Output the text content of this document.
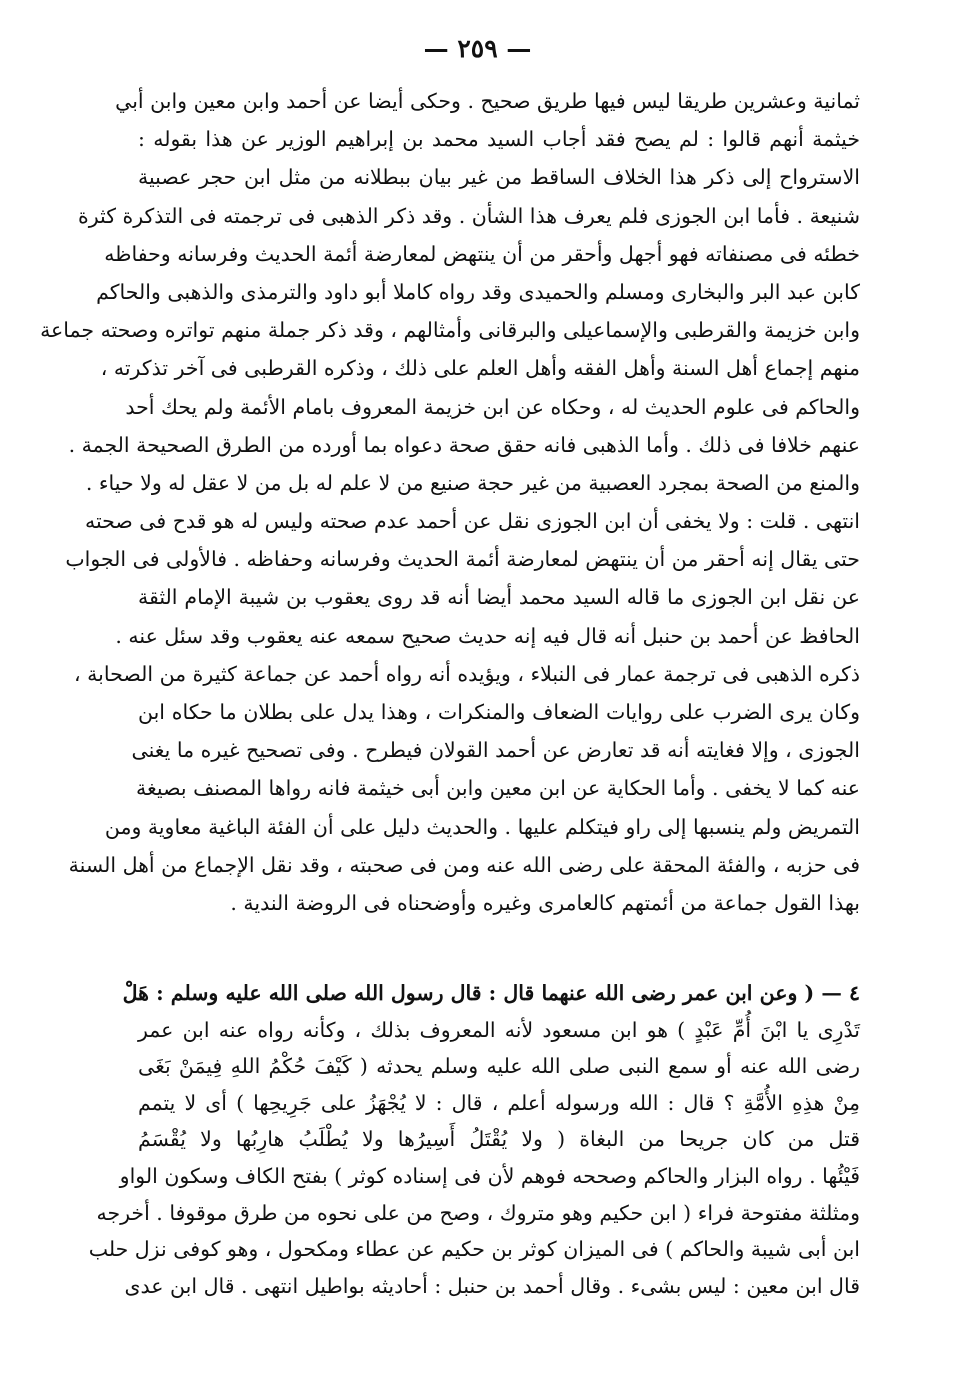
— ٢٥٩ —
ثمانية وعشرين طريقا ليس فيها طريق صحيح . وحكى أيضا عن أحمد وابن معين وابن أبي
خيثمة أنهم قالوا : لم يصح فقد أجاب السيد محمد بن إبراهيم الوزير عن هذا بقوله :
الاسترواح إلى ذكر هذا الخلاف الساقط من غير بيان ببطلانه من مثل ابن حجر عصبية
شنيعة . فأما ابن الجوزى فلم يعرف هذا الشأن . وقد ذكر الذهبى فى ترجمته فى التذكرة كثرة
خطئه فى مصنفاته فهو أجهل وأحقر من أن ينتهض لمعارضة أئمة الحديث وفرسانه وحفاظه
كابن عبد البر والبخارى ومسلم والحميدى وقد رواه كاملا أبو داود والترمذى والذهبى والحاكم
وابن خزيمة والقرطبى والإسماعيلى والبرقانى وأمثالهم ، وقد ذكر جملة منهم تواتره وصحته جماعة
منهم إجماع أهل السنة وأهل الفقه وأهل العلم على ذلك ، وذكره القرطبى فى آخر تذكرته ،
والحاكم فى علوم الحديث له ، وحكاه عن ابن خزيمة المعروف بامام الأئمة ولم يحك أحد
عنهم خلافا فى ذلك . وأما الذهبى فانه حقق صحة دعواه بما أورده من الطرق الصحيحة الجمة .
والمنع من الصحة بمجرد العصبية من غير حجة صنيع من لا علم له بل من لا عقل له ولا حياء .
انتهى . قلت : ولا يخفى أن ابن الجوزى نقل عن أحمد عدم صحته وليس له هو قدح فى صحته
حتى يقال إنه أحقر من أن ينتهض لمعارضة أئمة الحديث وفرسانه وحفاظه . فالأولى فى الجواب
عن نقل ابن الجوزى ما قاله السيد محمد أيضا أنه قد روى يعقوب بن شيبة الإمام الثقة
الحافظ عن أحمد بن حنبل أنه قال فيه إنه حديث صحيح سمعه عنه يعقوب وقد سئل عنه .
ذكره الذهبى فى ترجمة عمار فى النبلاء ، ويؤيده أنه رواه أحمد عن جماعة كثيرة من الصحابة ،
وكان يرى الضرب على روايات الضعاف والمنكرات ، وهذا يدل على بطلان ما حكاه ابن
الجوزى ، وإلا فغايته أنه قد تعارض عن أحمد القولان فيطرح . وفى تصحيح غيره ما يغنى
عنه كما لا يخفى . وأما الحكاية عن ابن معين وابن أبى خيثمة فانه رواها المصنف بصيغة
التمريض ولم ينسبها إلى راو فيتكلم عليها . والحديث دليل على أن الفئة الباغية معاوية ومن
فى حزبه ، والفئة المحقة على رضى الله عنه ومن فى صحبته ، وقد نقل الإجماع من أهل السنة
بهذا القول جماعة من أئمتهم كالعامرى وغيره وأوضحناه فى الروضة الندية .
٤ — ( وعن ابن عمر رضى الله عنهما قال : قال رسول الله صلى الله عليه وسلم : هَلْ
تَدْرِى يا ابْنَ أُمِّ عَبْدٍ ) هو ابن مسعود لأنه المعروف بذلك ، وكأنه رواه عنه ابن عمر
رضى الله عنه أو سمع النبى صلى الله عليه وسلم يحدثه ( كَيْفَ حُكْمُ اللهِ فِيمَنْ بَغَى
مِنْ هذِهِ الأُمَّةِ ؟ قال : الله ورسوله أعلم ، قال : لا يُجْهَزُ على جَرِيحِها ) أى لا يتمم
قتل من كان جريحا من البغاة ( ولا يُقْتَلُ أَسِيرُها ولا يُطْلَبُ هارِبُها ولا يُقْسَمُ
فَيْئُها . رواه البزار والحاكم وصححه فوهم لأن فى إسناده كوثر ) بفتح الكاف وسكون الواو
ومثلثة مفتوحة فراء ( ابن حكيم وهو متروك ، وصح من على نحوه من طرق موقوفا . أخرجه
ابن أبى شيبة والحاكم ) فى الميزان كوثر بن حكيم عن عطاء ومكحول ، وهو كوفى نزل حلب
قال ابن معين : ليس بشىء . وقال أحمد بن حنبل : أحاديثه بواطيل انتهى . قال ابن عدى
